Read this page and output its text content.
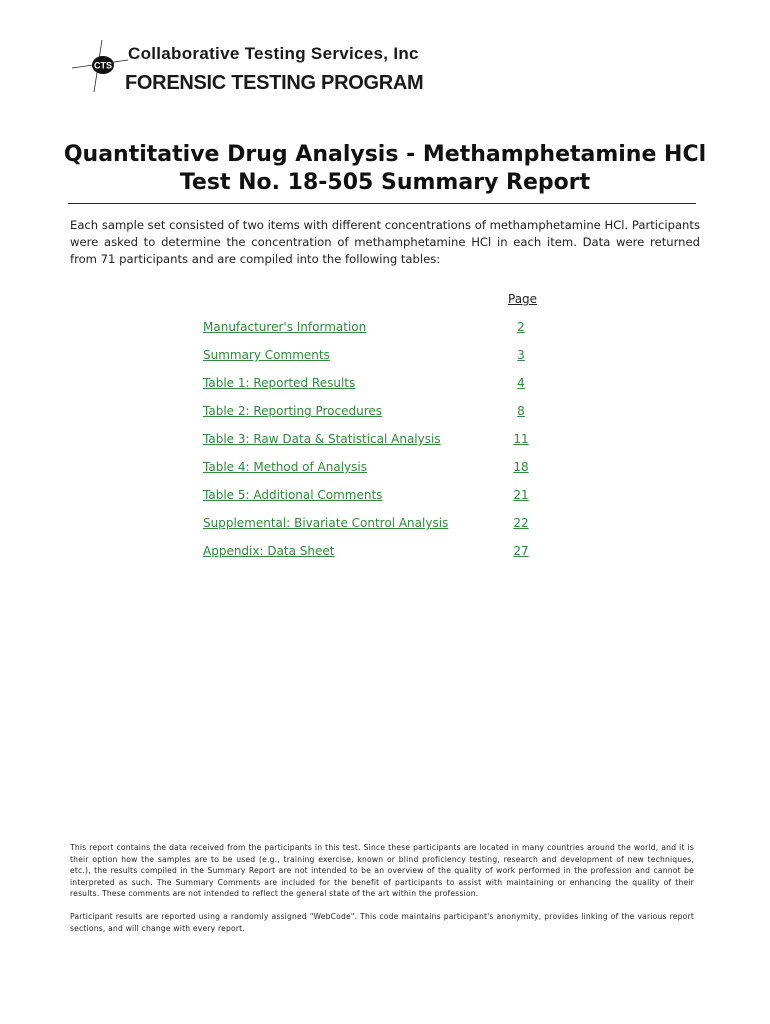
CTS
Collaborative Testing Services, Inc
FORENSIC TESTING PROGRAM
Quantitative Drug Analysis - Methamphetamine HCl
Test No. 18-505 Summary Report
Each sample set consisted of two items with different concentrations of methamphetamine HCl. Participants were asked to determine the concentration of methamphetamine HCl in each item. Data were returned from 71 participants and are compiled into the following tables:
Page
Manufacturer's Information	2
Summary Comments	3
Table 1: Reported Results	4
Table 2: Reporting Procedures	8
Table 3: Raw Data & Statistical Analysis	11
Table 4: Method of Analysis	18
Table 5: Additional Comments	21
Supplemental: Bivariate Control Analysis	22
Appendix: Data Sheet	27
This report contains the data received from the participants in this test. Since these participants are located in many countries around the world, and it is their option how the samples are to be used (e.g., training exercise, known or blind proficiency testing, research and development of new techniques, etc.), the results compiled in the Summary Report are not intended to be an overview of the quality of work performed in the profession and cannot be interpreted as such. The Summary Comments are included for the benefit of participants to assist with maintaining or enhancing the quality of their results. These comments are not intended to reflect the general state of the art within the profession.
Participant results are reported using a randomly assigned "WebCode". This code maintains participant's anonymity, provides linking of the various report sections, and will change with every report.
